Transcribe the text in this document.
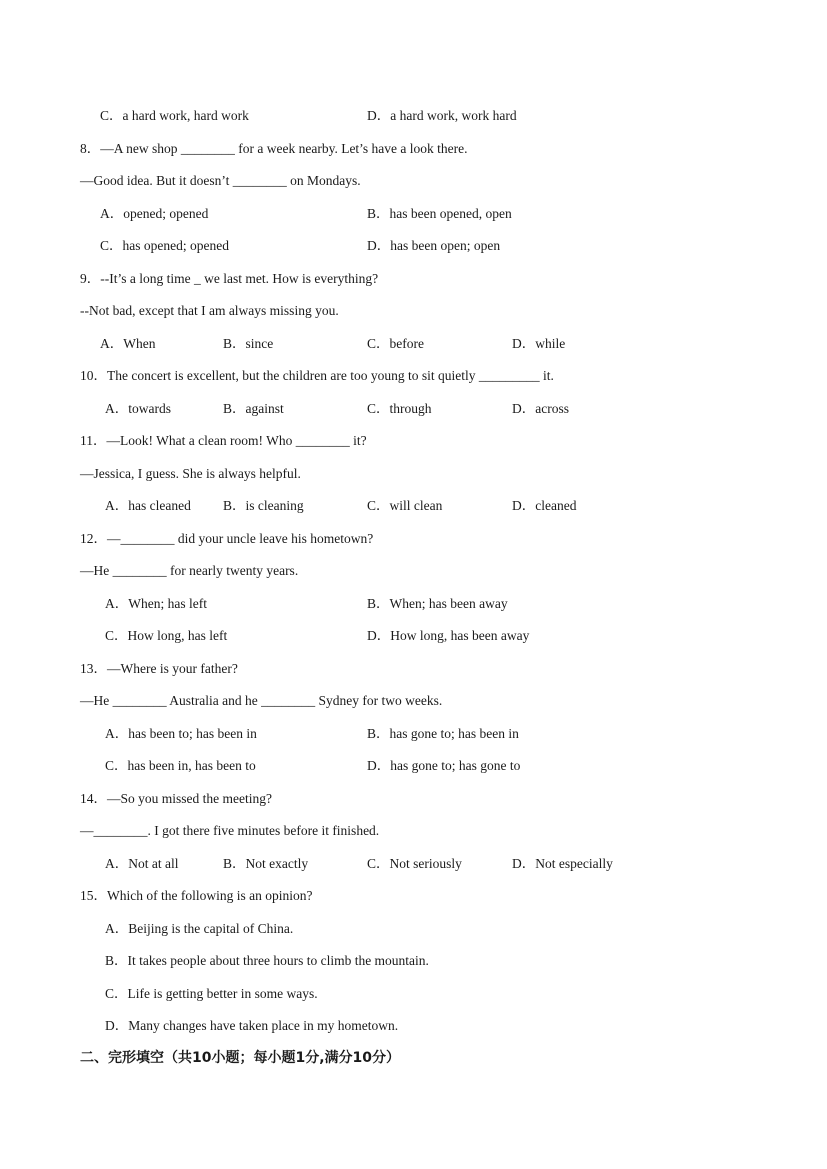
C．a hard work, hard work	D．a hard work, work hard
8．—A new shop ________ for a week nearby. Let’s have a look there.
—Good idea. But it doesn’t ________ on Mondays.
A．opened; opened	B．has been opened, open
C．has opened; opened	D．has been open; open
9．--It’s a long time _ we last met. How is everything?
--Not bad, except that I am always missing you.
A．When	B．since	C．before	D．while
10．The concert is excellent, but the children are too young to sit quietly _________ it.
A．towards	B．against	C．through	D．across
11．—Look! What a clean room! Who ________ it?
—Jessica, I guess. She is always helpful.
A．has cleaned B．is cleaning	C．will clean	D．cleaned
12．—________ did your uncle leave his hometown?
—He ________ for nearly twenty years.
A．When; has left	B．When; has been away
C．How long, has left	D．How long, has been away
13．—Where is your father?
—He ________ Australia and he ________ Sydney for two weeks.
A．has been to; has been in	B．has gone to; has been in
C．has been in, has been to	D．has gone to; has gone to
14．—So you missed the meeting?
—________. I got there five minutes before it finished.
A．Not at all	B．Not exactly	C．Not seriously	D．Not especially
15．Which of the following is an opinion?
A．Beijing is the capital of China.
B．It takes people about three hours to climb the mountain.
C．Life is getting better in some ways.
D．Many changes have taken place in my hometown.
二、完形填空（共10小题；每小题1分,满分10分）
